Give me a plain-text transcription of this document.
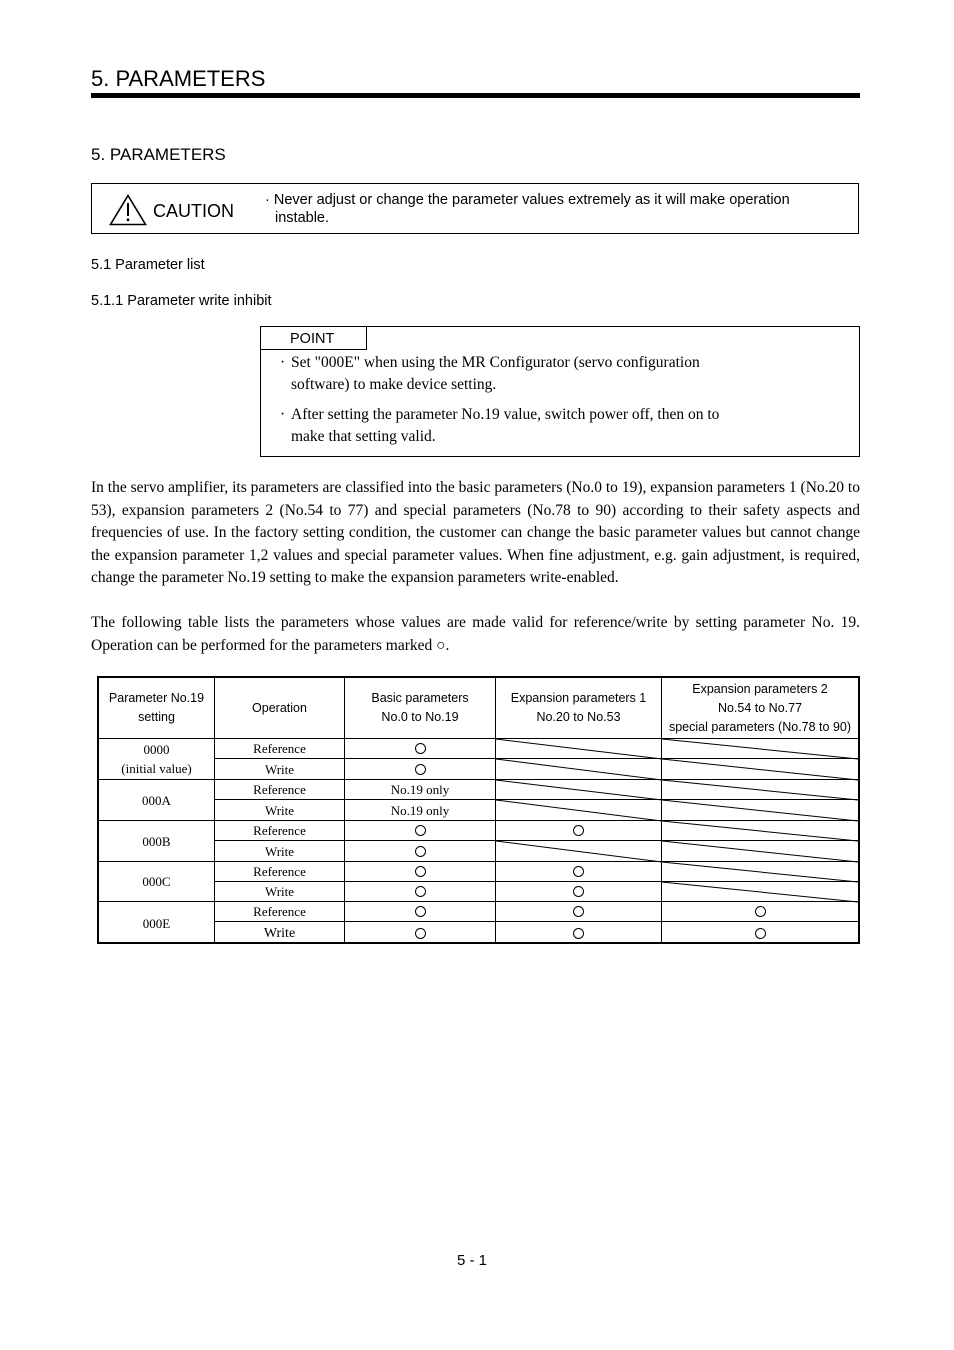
5. PARAMETERS
5. PARAMETERS
CAUTION
· Never adjust or change the parameter values extremely as it will make operation
instable.
5.1 Parameter list
5.1.1 Parameter write inhibit
POINT
· Set "000E" when using the MR Configurator (servo configuration
software) to make device setting.
· After setting the parameter No.19 value, switch power off, then on to
make that setting valid.
In the servo amplifier, its parameters are classified into the basic parameters (No.0 to 19), expansion parameters 1 (No.20 to 53), expansion parameters 2 (No.54 to 77) and special parameters (No.78 to 90) according to their safety aspects and frequencies of use. In the factory setting condition, the customer can change the basic parameter values but cannot change the expansion parameter 1,2 values and special parameter values. When fine adjustment, e.g. gain adjustment, is required, change the parameter No.19 setting to make the expansion parameters write-enabled.
The following table lists the parameters whose values are made valid for reference/write by setting parameter No. 19. Operation can be performed for the parameters marked ○.
Parameter No.19
setting
Operation
Basic parameters
No.0 to No.19
Expansion parameters 1
No.20 to No.53
Expansion parameters 2
No.54 to No.77
special parameters (No.78 to 90)
0000
(initial value)
000A
000B
000C
000E
Reference
Write
Reference	No.19 only
Write	No.19 only
Reference
Write
Reference
Write
Reference
Write
5 - 1
